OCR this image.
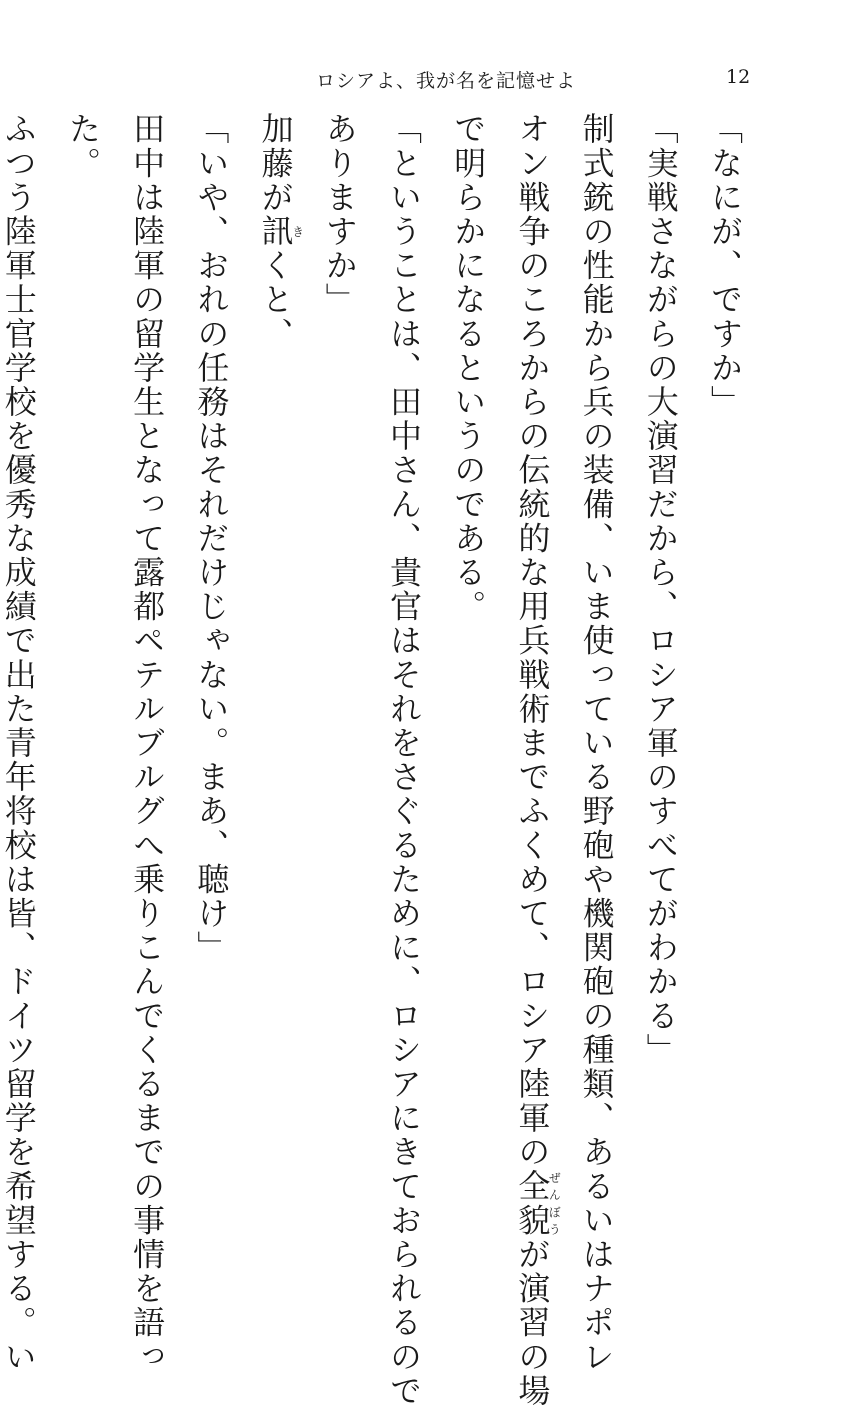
ロシアよ、我が名を記憶せよ	12
「なにが、ですか」
「実戦さながらの大演習だから、ロシア軍のすべてがわかる」
制式銃の性能から兵の装備、いま使っている野砲や機関砲の種類、あるいはナポレ
オン戦争のころからの伝統的な用兵戦術までふくめて、ロシア陸軍の全貌ぜんぼうが演習の場
で明らかになるというのである。
「ということは、田中さん、貴官はそれをさぐるために、ロシアにきておられるので
ありますか」
加藤が訊きくと、
「いや、おれの任務はそれだけじゃない。まあ、聴け」
田中は陸軍の留学生となって露都ペテルブルグへ乗りこんでくるまでの事情を語っ
た。
ふつう陸軍士官学校を優秀な成績で出た青年将校は皆、ドイツ留学を希望する。い
